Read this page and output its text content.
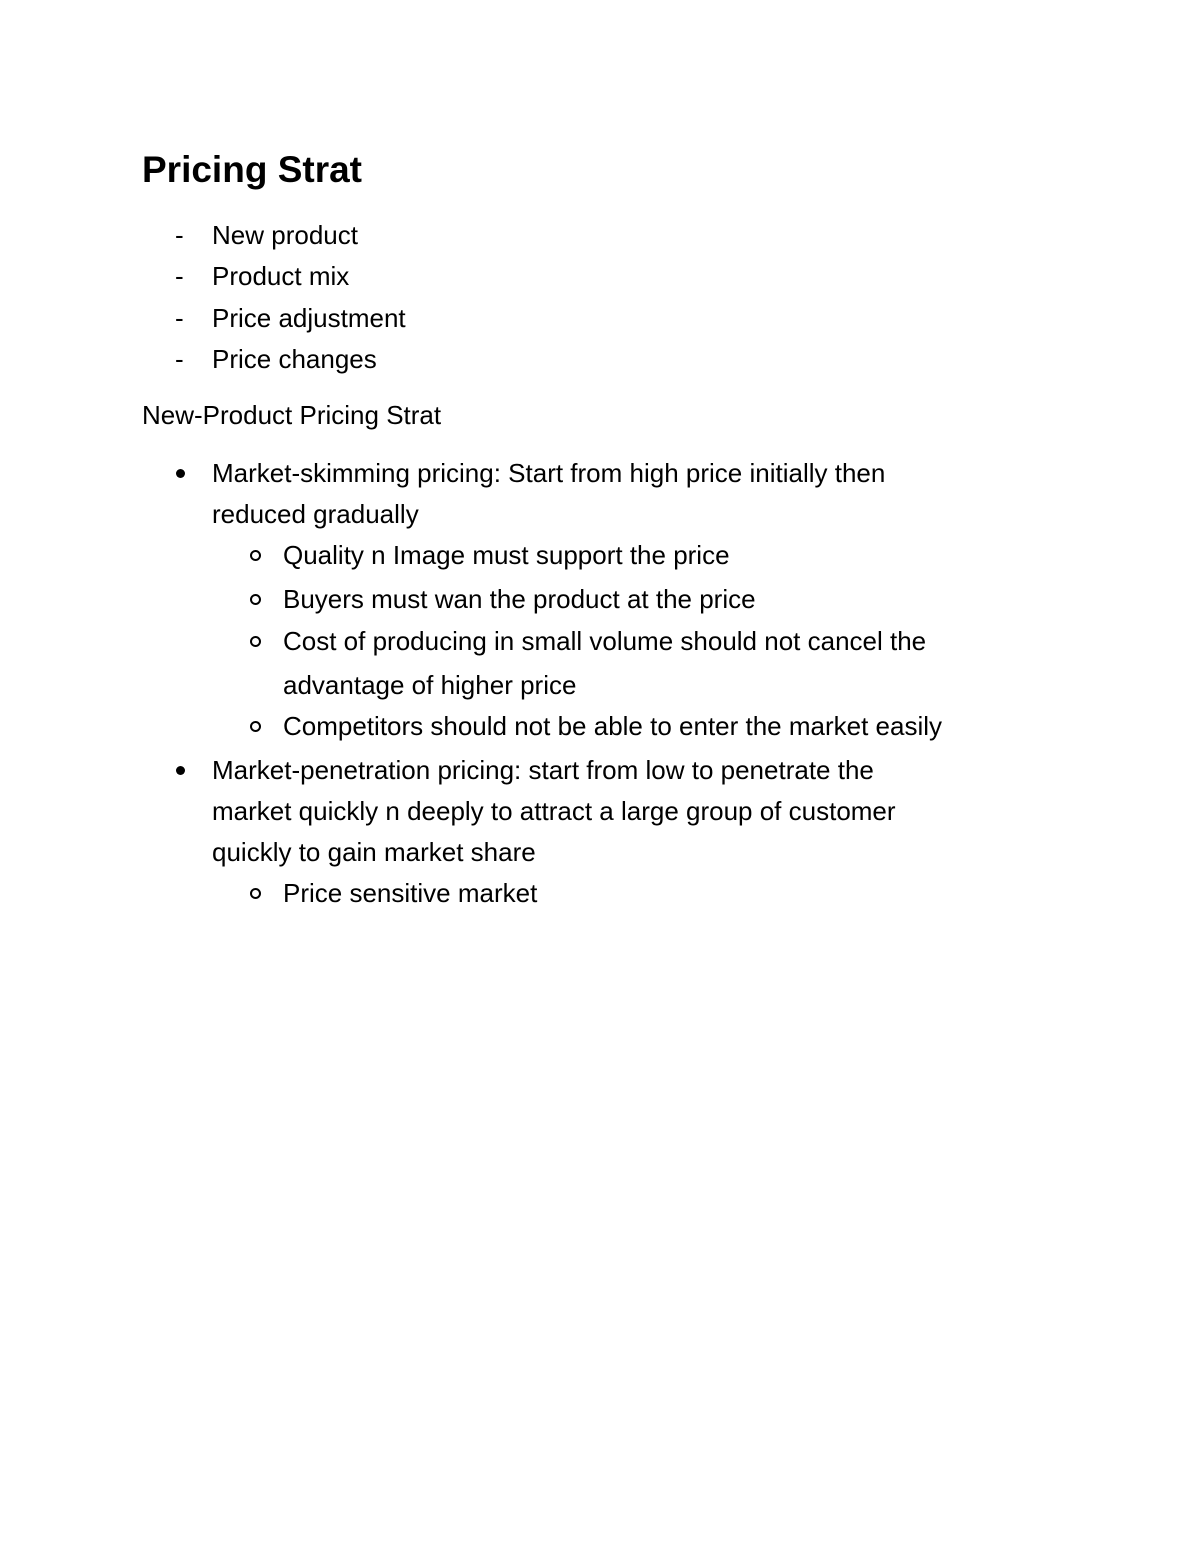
Pricing Strat
- New product

- Product mix

- Price adjustment

- Price changes

New-Product Pricing Strat

Market-skimming pricing: Start from high price initially then

reduced gradually

Quality n Image must support the price

Buyers must wan the product at the price

Cost of producing in small volume should not cancel the

advantage of higher price

Competitors should not be able to enter the market easily

Market-penetration pricing: start from low to penetrate the

market quickly n deeply to attract a large group of customer

quickly to gain market share

Price sensitive market
